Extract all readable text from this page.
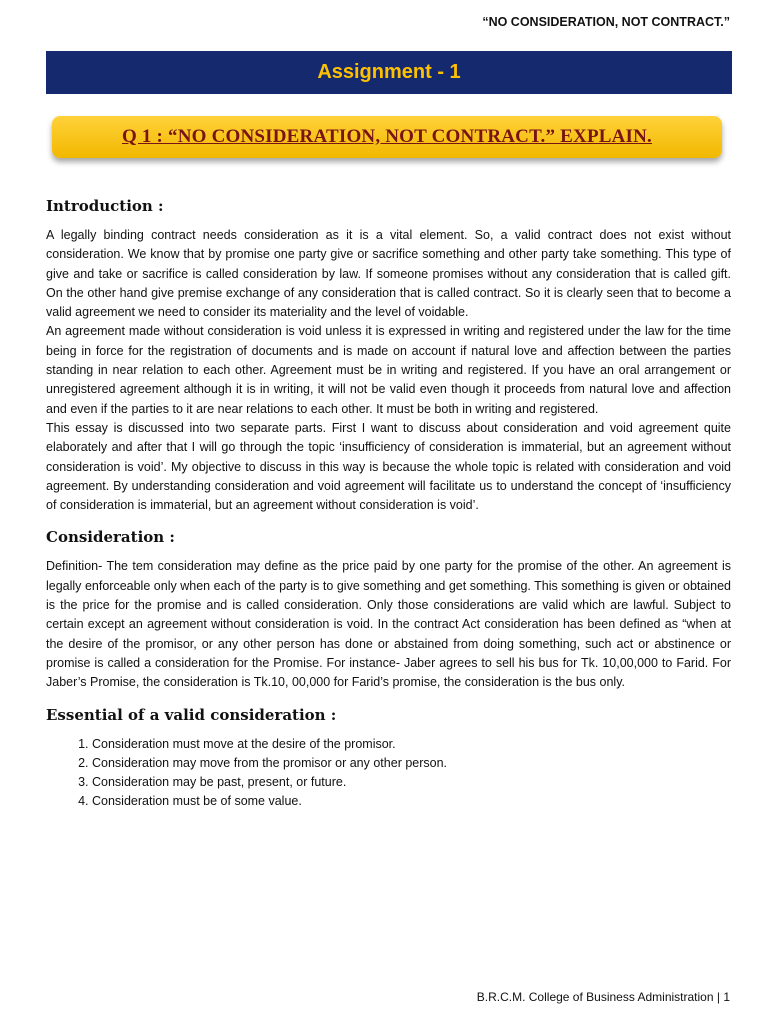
“NO CONSIDERATION, NOT CONTRACT.”
Assignment - 1
Q 1 : “NO CONSIDERATION, NOT CONTRACT.” EXPLAIN.
Introduction :

A legally binding contract needs consideration as it is a vital element. So, a valid contract does not exist without consideration. We know that by promise one party give or sacrifice something and other party take something. This type of give and take or sacrifice is called consideration by law. If someone promises without any consideration that is called gift. On the other hand give premise exchange of any consideration that is called contract. So it is clearly seen that to become a valid agreement we need to consider its materiality and the level of voidable.

An agreement made without consideration is void unless it is expressed in writing and registered under the law for the time being in force for the registration of documents and is made on account if natural love and affection between the parties standing in near relation to each other. Agreement must be in writing and registered. If you have an oral arrangement or unregistered agreement although it is in writing, it will not be valid even though it proceeds from natural love and affection and even if the parties to it are near relations to each other. It must be both in writing and registered.

This essay is discussed into two separate parts. First I want to discuss about consideration and void agreement quite elaborately and after that I will go through the topic ‘insufficiency of consideration is immaterial, but an agreement without consideration is void’. My objective to discuss in this way is because the whole topic is related with consideration and void agreement. By understanding consideration and void agreement will facilitate us to understand the concept of ‘insufficiency of consideration is immaterial, but an agreement without consideration is void’.

Consideration :

Definition- The tem consideration may define as the price paid by one party for the promise of the other. An agreement is legally enforceable only when each of the party is to give something and get something. This something is given or obtained is the price for the promise and is called consideration. Only those considerations are valid which are lawful. Subject to certain except an agreement without consideration is void. In the contract Act consideration has been defined as “when at the desire of the promisor, or any other person has done or abstained from doing something, such act or abstinence or promise is called a consideration for the Promise. For instance- Jaber agrees to sell his bus for Tk. 10,00,000 to Farid. For Jaber’s Promise, the consideration is Tk.10, 00,000 for Farid’s promise, the consideration is the bus only.

Essential of a valid consideration :
1. Consideration must move at the desire of the promisor.
2. Consideration may move from the promisor or any other person.
3. Consideration may be past, present, or future.
4. Consideration must be of some value.
B.R.C.M. College of Business Administration | 1
